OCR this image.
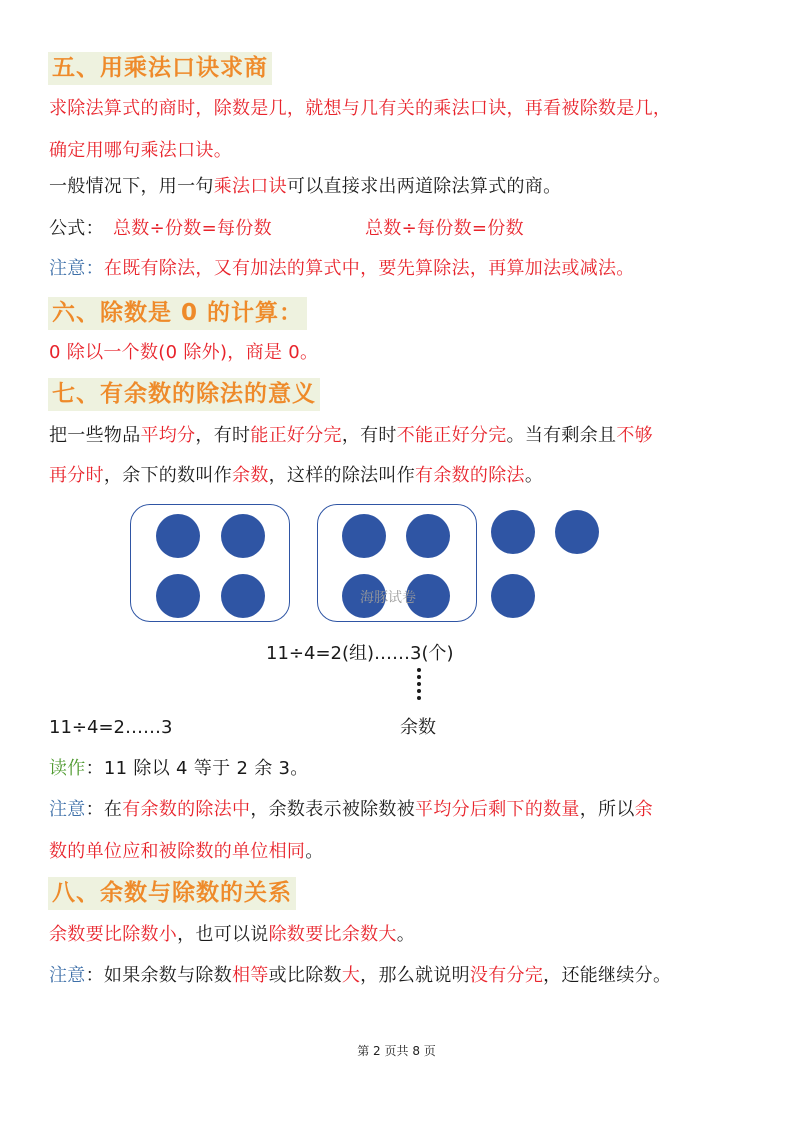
五、用乘法口诀求商
求除法算式的商时，除数是几，就想与几有关的乘法口诀，再看被除数是几，
确定用哪句乘法口诀。
一般情况下，用一句乘法口诀可以直接求出两道除法算式的商。
公式： 总数÷份数=每份数	总数÷每份数=份数
注意：在既有除法，又有加法的算式中，要先算除法，再算加法或减法。
六、除数是 0 的计算：
0 除以一个数(0 除外)，商是 0。
七、有余数的除法的意义
把一些物品平均分，有时能正好分完，有时不能正好分完。当有剩余且不够
再分时，余下的数叫作余数，这样的除法叫作有余数的除法。
海豚试卷
11÷4=2(组)……3(个)
11÷4=2……3	余数
读作：11 除以 4 等于 2 余 3。
注意：在有余数的除法中，余数表示被除数被平均分后剩下的数量，所以余
数的单位应和被除数的单位相同。
八、余数与除数的关系
余数要比除数小，也可以说除数要比余数大。
注意：如果余数与除数相等或比除数大，那么就说明没有分完，还能继续分。
第 2 页共 8 页
